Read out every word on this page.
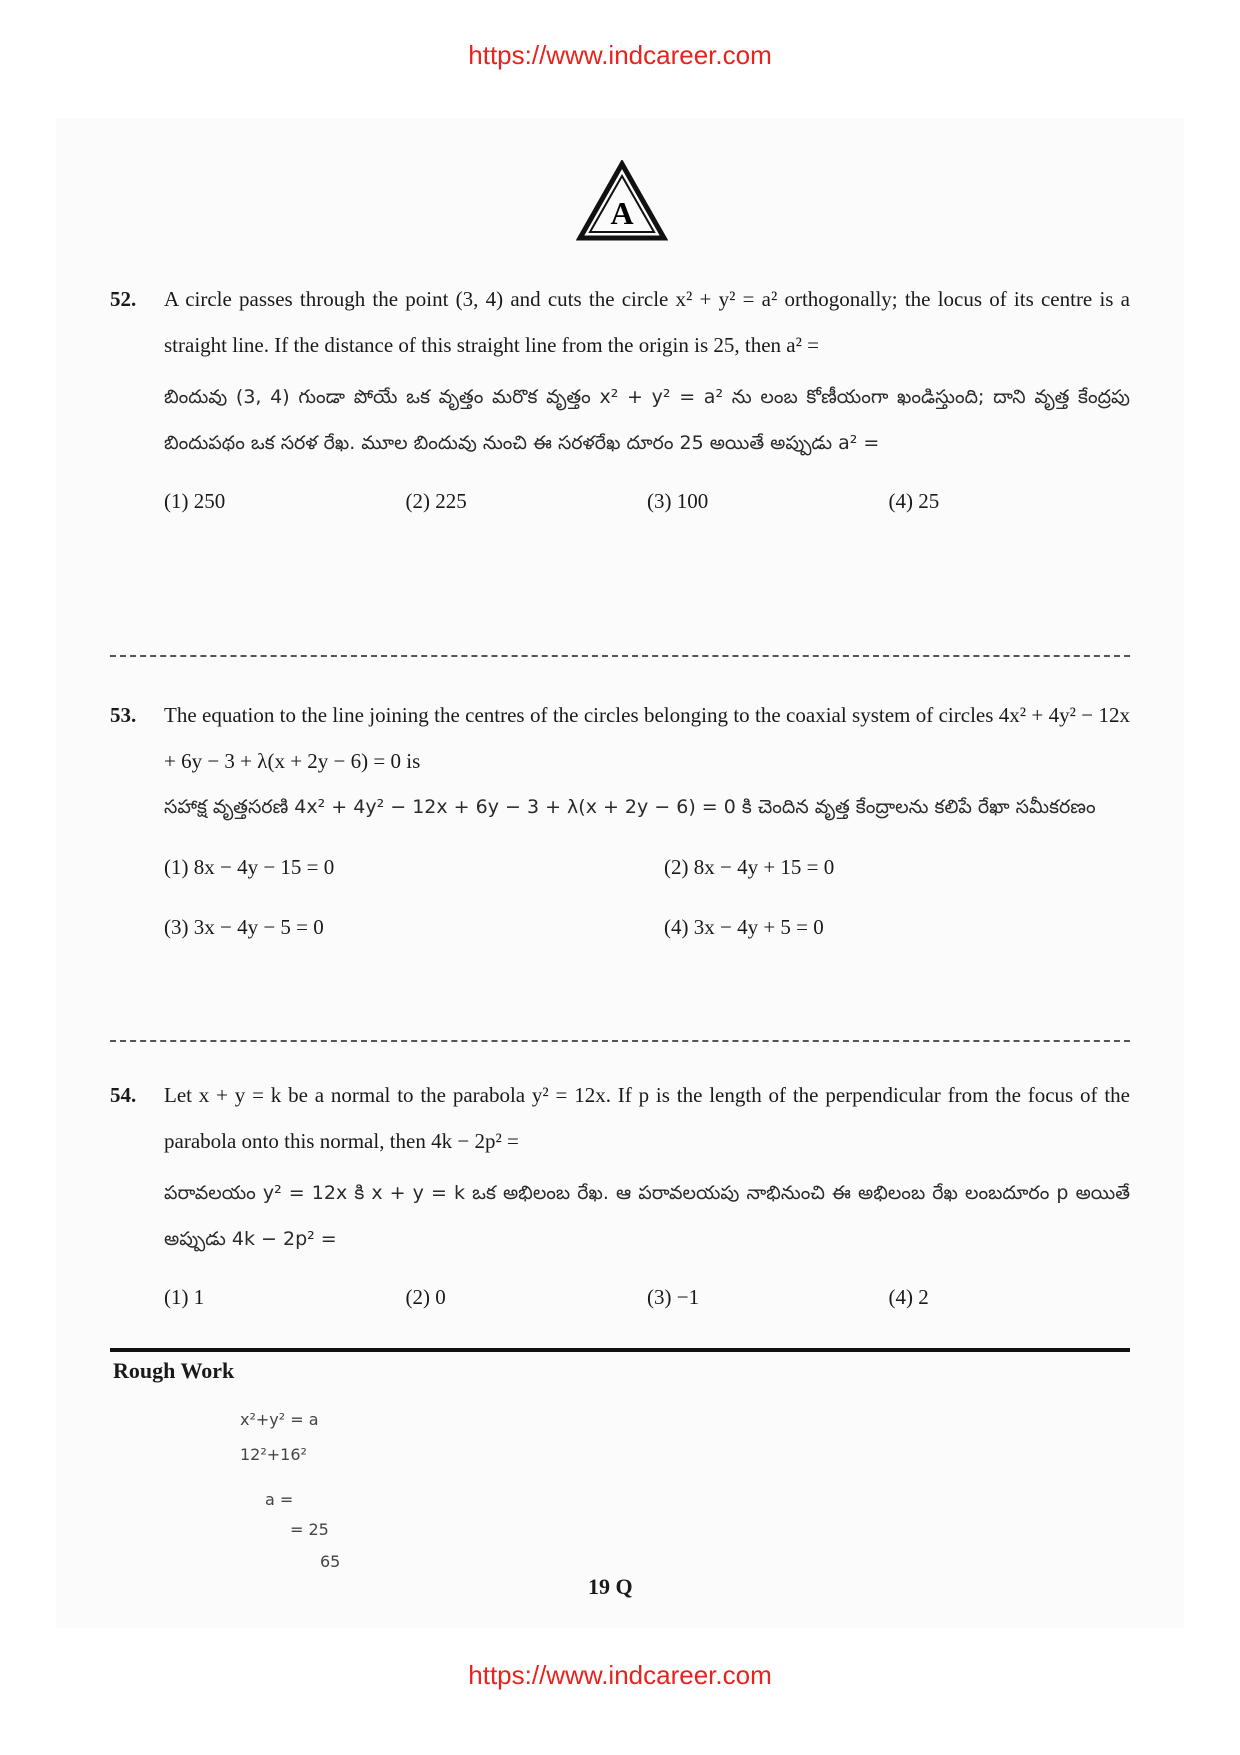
https://www.indcareer.com
A
52. A circle passes through the point (3, 4) and cuts the circle x² + y² = a² orthogonally; the locus of its centre is a straight line. If the distance of this straight line from the origin is 25, then a² =
బిందువు (3, 4) గుండా పోయే ఒక వృత్తం మరొక వృత్తం x² + y² = a² ను లంబ కోణీయంగా ఖండిస్తుంది; దాని వృత్త కేంద్రపు బిందుపథం ఒక సరళ రేఖ. మూల బిందువు నుంచి ఈ సరళరేఖ దూరం 25 అయితే అప్పుడు a² =
(1) 250	(2) 225	(3) 100	(4) 25
53. The equation to the line joining the centres of the circles belonging to the coaxial system of circles 4x² + 4y² − 12x + 6y − 3 + λ(x + 2y − 6) = 0 is
సహాక్ష వృత్తసరణి 4x² + 4y² − 12x + 6y − 3 + λ(x + 2y − 6) = 0 కి చెందిన వృత్త కేంద్రాలను కలిపే రేఖా సమీకరణం
(1) 8x − 4y − 15 = 0	(2) 8x − 4y + 15 = 0
(3) 3x − 4y − 5 = 0	(4) 3x − 4y + 5 = 0
54. Let x + y = k be a normal to the parabola y² = 12x. If p is the length of the perpendicular from the focus of the parabola onto this normal, then 4k − 2p² =
పరావలయం y² = 12x కి x + y = k ఒక అభిలంబ రేఖ. ఆ పరావలయపు నాభినుంచి ఈ అభిలంబ రేఖ లంబదూరం p అయితే అప్పుడు 4k − 2p² =
(1) 1	(2) 0	(3) −1	(4) 2
Rough Work
x²+y² = a
12²+16²
a =
= 25
65
19 Q
https://www.indcareer.com
